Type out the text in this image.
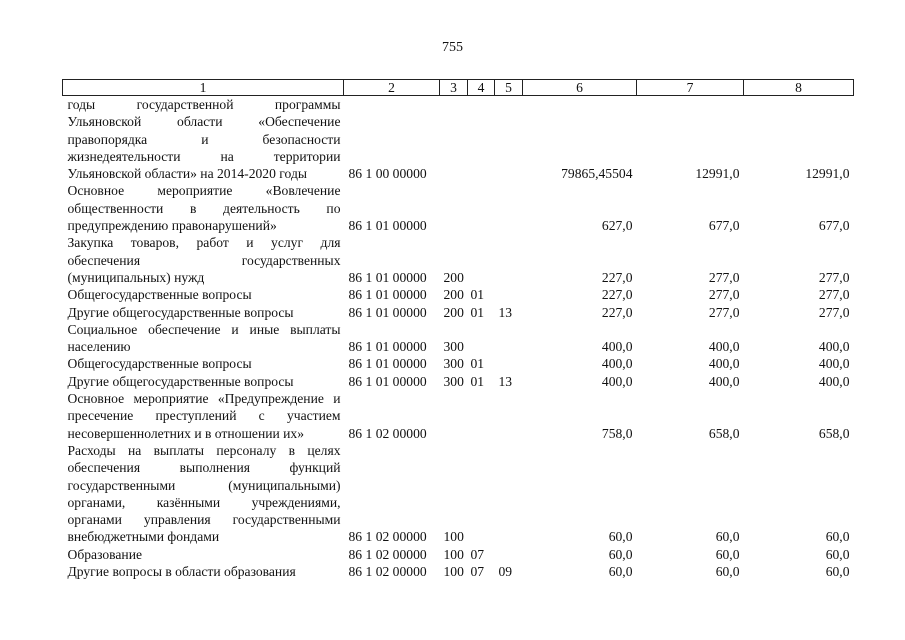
755
1	2	3	4	5	6	7	8
годы государственной программы Ульяновской области «Обеспечение правопорядка и безопасности жизнедеятельности на территории Ульяновской области» на 2014-2020 годы	86 1 00 00000				79865,45504	12991,0	12991,0
Основное мероприятие «Вовлечение общественности в деятельность по предупреждению правонарушений»	86 1 01 00000				627,0	677,0	677,0
Закупка товаров, работ и услуг для обеспечения государственных (муниципальных) нужд	86 1 01 00000	200			227,0	277,0	277,0
Общегосударственные вопросы	86 1 01 00000	200	01		227,0	277,0	277,0
Другие общегосударственные вопросы	86 1 01 00000	200	01	13	227,0	277,0	277,0
Социальное обеспечение и иные выплаты населению	86 1 01 00000	300			400,0	400,0	400,0
Общегосударственные вопросы	86 1 01 00000	300	01		400,0	400,0	400,0
Другие общегосударственные вопросы	86 1 01 00000	300	01	13	400,0	400,0	400,0
Основное мероприятие «Предупреждение и пресечение преступлений с участием несовершеннолетних и в отношении их»	86 1 02 00000				758,0	658,0	658,0
Расходы на выплаты персоналу в целях обеспечения выполнения функций государственными (муниципальными) органами, казёнными учреждениями, органами управления государственными внебюджетными фондами	86 1 02 00000	100			60,0	60,0	60,0
Образование	86 1 02 00000	100	07		60,0	60,0	60,0
Другие вопросы в области образования	86 1 02 00000	100	07	09	60,0	60,0	60,0
